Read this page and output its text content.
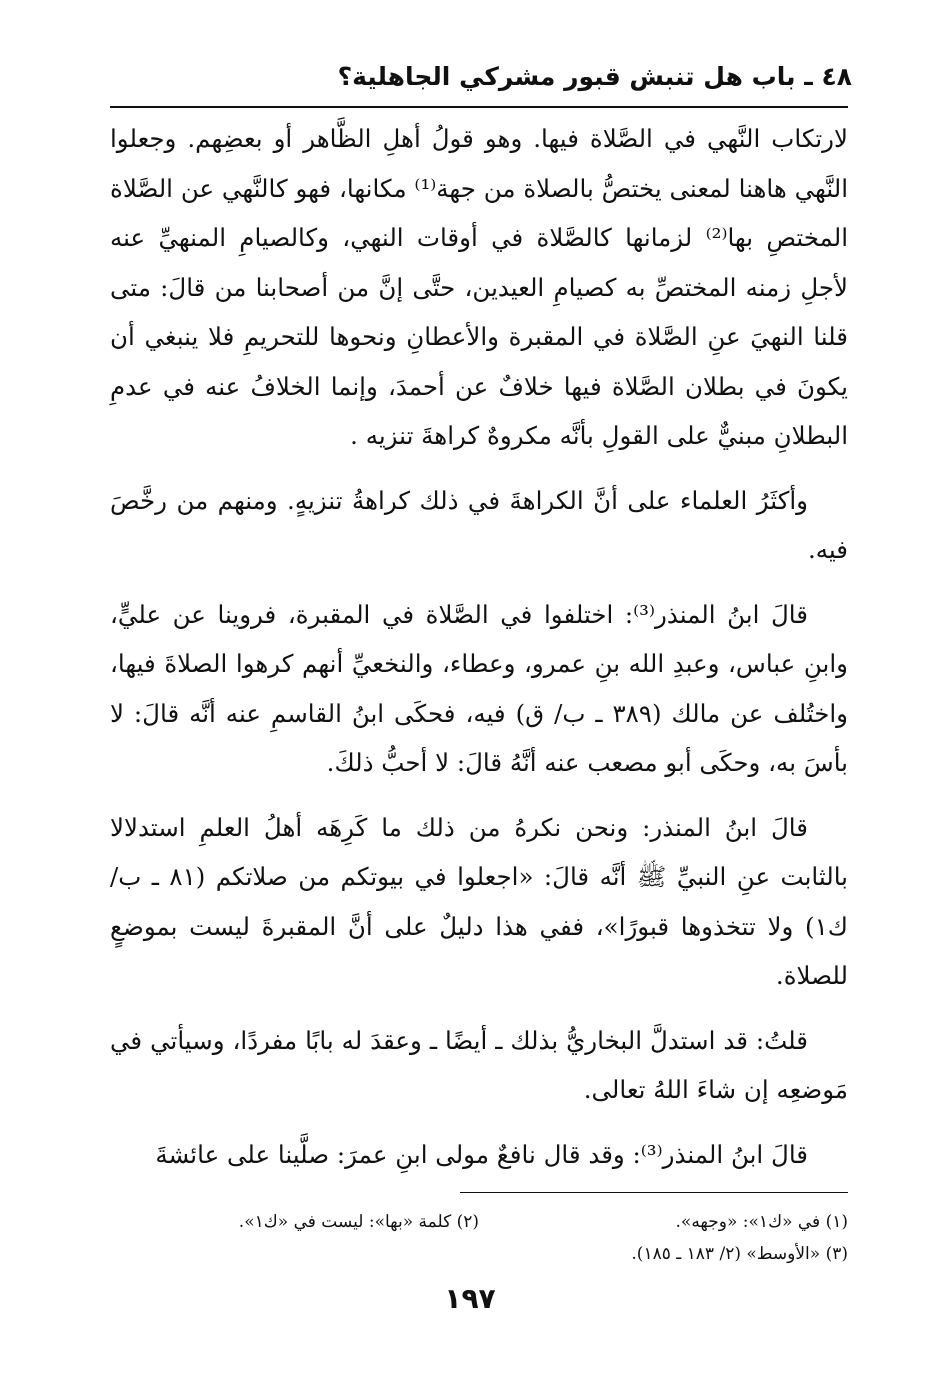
٤٨ ـ باب هل تنبش قبور مشركي الجاهلية؟

لارتكاب النَّهي في الصَّلاة فيها. وهو قولُ أهلِ الظَّاهر أو بعضِهم. وجعلوا النَّهي هاهنا لمعنى يختصُّ بالصلاة من جهة⁽¹⁾ مكانها، فهو كالنَّهي عن الصَّلاة المختصِ بها⁽²⁾ لزمانها كالصَّلاة في أوقات النهي، وكالصيامِ المنهيِّ عنه لأجلِ زمنه المختصِّ به كصيامِ العيدين، حتَّى إنَّ من أصحابنا من قالَ: متى قلنا النهيَ عنِ الصَّلاة في المقبرة والأعطانِ ونحوها للتحريمِ فلا ينبغي أن يكونَ في بطلان الصَّلاة فيها خلافٌ عن أحمدَ، وإنما الخلافُ عنه في عدمِ البطلانِ مبنيٌّ على القولِ بأنَّه مكروهٌ كراهةَ تنزيه .

وأكثَرُ العلماء على أنَّ الكراهةَ في ذلك كراهةُ تنزيهٍ. ومنهم من رخَّصَ فيه.

قالَ ابنُ المنذر⁽³⁾: اختلفوا في الصَّلاة في المقبرة، فروينا عن عليٍّ، وابنِ عباس، وعبدِ الله بنِ عمرو، وعطاء، والنخعيِّ أنهم كرهوا الصلاةَ فيها، واختُلف عن مالك (٣٨٩ ـ ب/ ق) فيه، فحكَى ابنُ القاسمِ عنه أنَّه قالَ: لا بأسَ به، وحكَى أبو مصعب عنه أنَّهُ قالَ: لا أحبُّ ذلكَ.

قالَ ابنُ المنذر: ونحن نكرهُ من ذلك ما كَرِهَه أهلُ العلمِ استدلالا بالثابت عنِ النبيِّ ﷺ أنَّه قالَ: «اجعلوا في بيوتكم من صلاتكم (٨١ ـ ب/ ك١) ولا تتخذوها قبورًا»، ففي هذا دليلٌ على أنَّ المقبرةَ ليست بموضعٍ للصلاة.

قلتُ: قد استدلَّ البخاريُّ بذلك ـ أيضًا ـ وعقدَ له بابًا مفردًا، وسيأتي في مَوضعِه إن شاءَ اللهُ تعالى.

قالَ ابنُ المنذر⁽³⁾: وقد قال نافعٌ مولى ابنِ عمرَ: صلَّينا على عائشةَ

(١) في «ك١»: «وجهه».
(٢) كلمة «بها»: ليست في «ك١».
(٣) «الأوسط» (٢/ ١٨٣ ـ ١٨٥).
١٩٧
